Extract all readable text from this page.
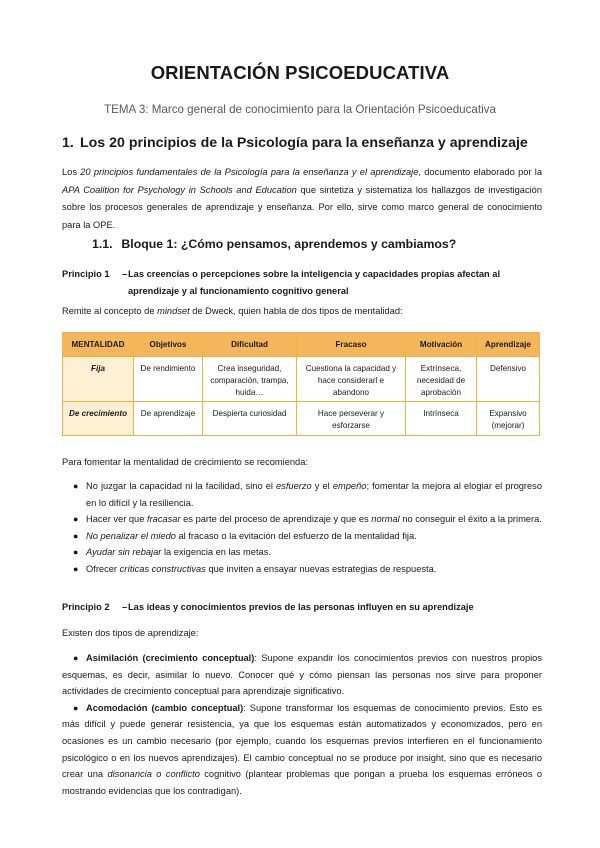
ORIENTACIÓN PSICOEDUCATIVA
TEMA 3: Marco general de conocimiento para la Orientación Psicoeducativa
1. Los 20 principios de la Psicología para la enseñanza y aprendizaje
Los 20 principios fundamentales de la Psicología para la enseñanza y el aprendizaje, documento elaborado por la APA Coalition for Psychology in Schools and Education que sintetiza y sistematiza los hallazgos de investigación sobre los procesos generales de aprendizaje y enseñanza. Por ello, sirve como marco general de conocimiento para la OPE.
1.1. Bloque 1: ¿Cómo pensamos, aprendemos y cambiamos?
Principio 1 – Las creencias o percepciones sobre la inteligencia y capacidades propias afectan al aprendizaje y al funcionamiento cognitivo general
Remite al concepto de mindset de Dweck, quien habla de dos tipos de mentalidad:
MENTALIDAD	Objetivos	Dificultad	Fracaso	Motivación	Aprendizaje
Fija	De rendimiento	Crea inseguridad, comparación, trampa, huida…	Cuestiona la capacidad y hace considerarl e abandono	Extrínseca, necesidad de aprobación	Defensivo
De crecimiento	De aprendizaje	Despierta curiosidad	Hace perseverar y esforzarse	Intrínseca	Expansivo (mejorar)
Para fomentar la mentalidad de crecimiento se recomienda:
● No juzgar la capacidad ni la facilidad, sino el esfuerzo y el empeño; fomentar la mejora al elogiar el progreso en lo difícil y la resiliencia.
● Hacer ver que fracasar es parte del proceso de aprendizaje y que es normal no conseguir el éxito a la primera.
● No penalizar el miedo al fracaso o la evitación del esfuerzo de la mentalidad fija.
● Ayudar sin rebajar la exigencia en las metas.
● Ofrecer críticas constructivas que inviten a ensayar nuevas estrategias de respuesta.
Principio 2 – Las ideas y conocimientos previos de las personas influyen en su aprendizaje
Existen dos tipos de aprendizaje:
● Asimilación (crecimiento conceptual): Supone expandir los conocimientos previos con nuestros propios esquemas, es decir, asimilar lo nuevo. Conocer qué y cómo piensan las personas nos sirve para proponer actividades de crecimiento conceptual para aprendizaje significativo.
● Acomodación (cambio conceptual): Supone transformar los esquemas de conocimiento previos. Esto es más difícil y puede generar resistencia, ya que los esquemas están automatizados y economizados, pero en ocasiones es un cambio necesario (por ejemplo, cuando los esquemas previos interfieren en el funcionamiento psicológico o en los nuevos aprendizajes). El cambio conceptual no se produce por insight, sino que es necesario crear una disonancia o conflicto cognitivo (plantear problemas que pongan a prueba los esquemas erróneos o mostrando evidencias que los contradigan).
